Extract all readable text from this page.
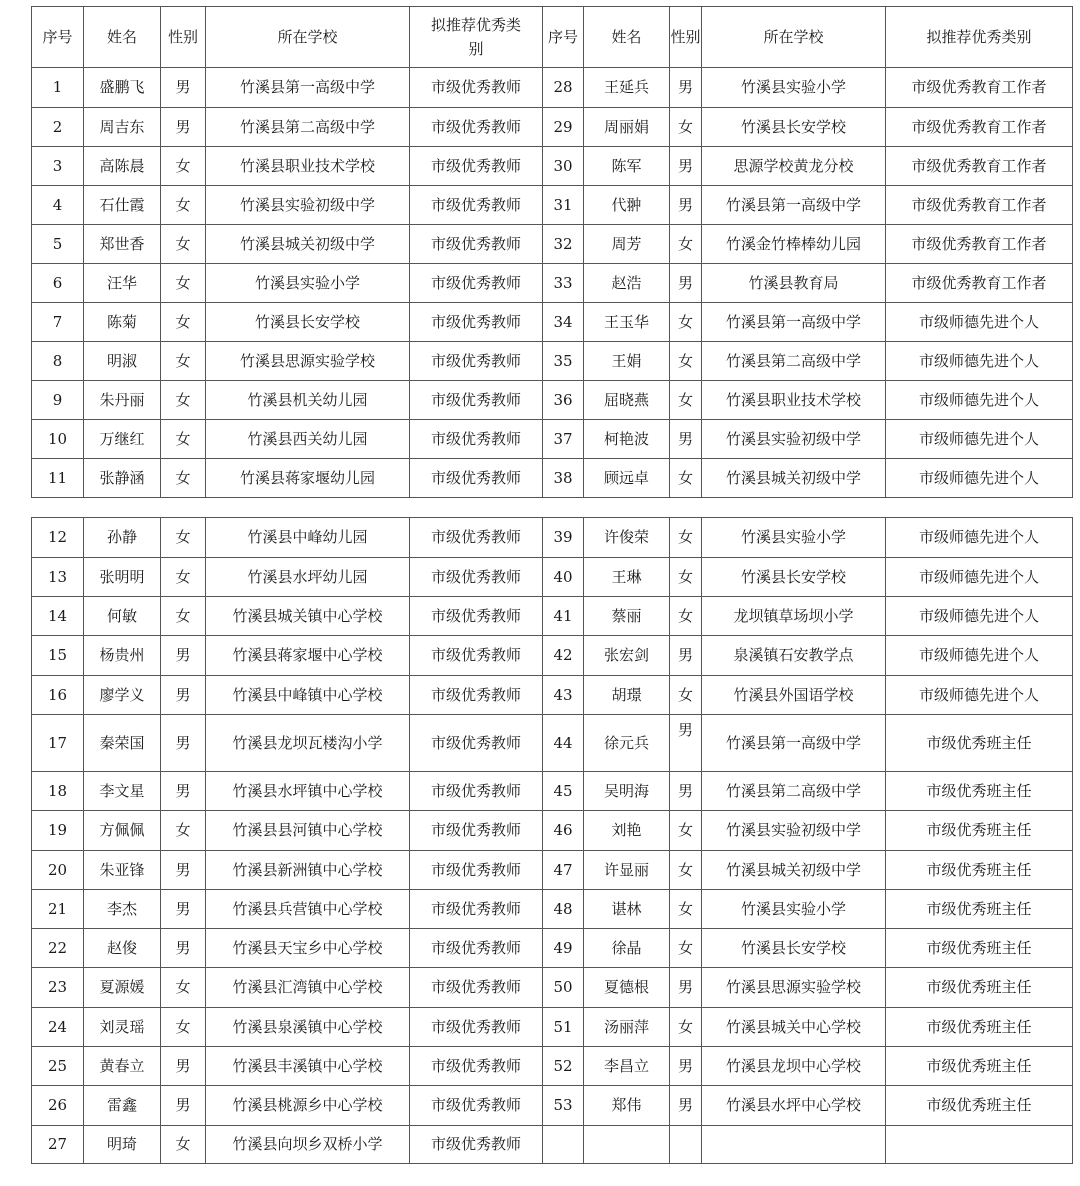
序号	姓名	性别	所在学校	拟推荐优秀类别	序号	姓名	性别	所在学校	拟推荐优秀类别
1	盛鹏飞	男	竹溪县第一高级中学	市级优秀教师	28	王延兵	男	竹溪县实验小学	市级优秀教育工作者
2	周吉东	男	竹溪县第二高级中学	市级优秀教师	29	周丽娟	女	竹溪县长安学校	市级优秀教育工作者
3	高陈晨	女	竹溪县职业技术学校	市级优秀教师	30	陈军	男	思源学校黄龙分校	市级优秀教育工作者
4	石仕霞	女	竹溪县实验初级中学	市级优秀教师	31	代翀	男	竹溪县第一高级中学	市级优秀教育工作者
5	郑世香	女	竹溪县城关初级中学	市级优秀教师	32	周芳	女	竹溪金竹棒棒幼儿园	市级优秀教育工作者
6	汪华	女	竹溪县实验小学	市级优秀教师	33	赵浩	男	竹溪县教育局	市级优秀教育工作者
7	陈菊	女	竹溪县长安学校	市级优秀教师	34	王玉华	女	竹溪县第一高级中学	市级师德先进个人
8	明淑	女	竹溪县思源实验学校	市级优秀教师	35	王娟	女	竹溪县第二高级中学	市级师德先进个人
9	朱丹丽	女	竹溪县机关幼儿园	市级优秀教师	36	屈晓燕	女	竹溪县职业技术学校	市级师德先进个人
10	万继红	女	竹溪县西关幼儿园	市级优秀教师	37	柯艳波	男	竹溪县实验初级中学	市级师德先进个人
11	张静涵	女	竹溪县蒋家堰幼儿园	市级优秀教师	38	顾远卓	女	竹溪县城关初级中学	市级师德先进个人
12	孙静	女	竹溪县中峰幼儿园	市级优秀教师	39	许俊荣	女	竹溪县实验小学	市级师德先进个人
13	张明明	女	竹溪县水坪幼儿园	市级优秀教师	40	王琳	女	竹溪县长安学校	市级师德先进个人
14	何敏	女	竹溪县城关镇中心学校	市级优秀教师	41	蔡丽	女	龙坝镇草场坝小学	市级师德先进个人
15	杨贵州	男	竹溪县蒋家堰中心学校	市级优秀教师	42	张宏剑	男	泉溪镇石安教学点	市级师德先进个人
16	廖学义	男	竹溪县中峰镇中心学校	市级优秀教师	43	胡璟	女	竹溪县外国语学校	市级师德先进个人
17	秦荣国	男	竹溪县龙坝瓦楼沟小学	市级优秀教师	44	徐元兵	男	竹溪县第一高级中学	市级优秀班主任
18	李文星	男	竹溪县水坪镇中心学校	市级优秀教师	45	吴明海	男	竹溪县第二高级中学	市级优秀班主任
19	方佩佩	女	竹溪县县河镇中心学校	市级优秀教师	46	刘艳	女	竹溪县实验初级中学	市级优秀班主任
20	朱亚锋	男	竹溪县新洲镇中心学校	市级优秀教师	47	许显丽	女	竹溪县城关初级中学	市级优秀班主任
21	李杰	男	竹溪县兵营镇中心学校	市级优秀教师	48	谌林	女	竹溪县实验小学	市级优秀班主任
22	赵俊	男	竹溪县天宝乡中心学校	市级优秀教师	49	徐晶	女	竹溪县长安学校	市级优秀班主任
23	夏源媛	女	竹溪县汇湾镇中心学校	市级优秀教师	50	夏德根	男	竹溪县思源实验学校	市级优秀班主任
24	刘灵瑶	女	竹溪县泉溪镇中心学校	市级优秀教师	51	汤丽萍	女	竹溪县城关中心学校	市级优秀班主任
25	黄春立	男	竹溪县丰溪镇中心学校	市级优秀教师	52	李昌立	男	竹溪县龙坝中心学校	市级优秀班主任
26	雷鑫	男	竹溪县桃源乡中心学校	市级优秀教师	53	郑伟	男	竹溪县水坪中心学校	市级优秀班主任
27	明琦	女	竹溪县向坝乡双桥小学	市级优秀教师					
